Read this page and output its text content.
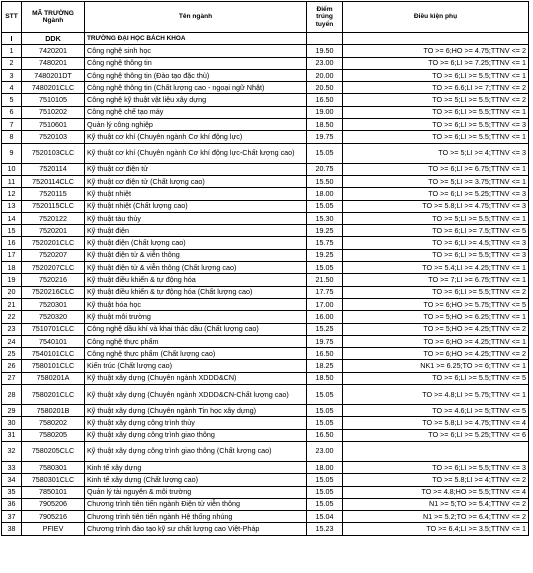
STT	MÃ TRƯỜNG Ngành	Tên ngành	Điểm trúng tuyển	Điều kiện phụ
I	DDK	TRƯỜNG ĐẠI HỌC BÁCH KHOA		
1	7420201	Công nghệ sinh học	19.50	TO >= 6;HO >= 4.75;TTNV <= 2
2	7480201	Công nghệ thông tin	23.00	TO >= 6;LI >= 7.25;TTNV <= 1
3	7480201DT	Công nghệ thông tin (Đào tạo đặc thù)	20.00	TO >= 6;LI >= 5.5;TTNV <= 1
4	7480201CLC	Công nghệ thông tin (Chất lượng cao - ngoại ngữ Nhật)	20.50	TO >= 6.6;LI >= 7;TTNV <= 2
5	7510105	Công nghệ kỹ thuật vật liệu xây dựng	16.50	TO >= 5;LI >= 5.5;TTNV <= 2
6	7510202	Công nghệ chế tạo máy	19.00	TO >= 6;LI >= 5.5;TTNV <= 1
7	7510601	Quản lý công nghiệp	18.50	TO >= 6;LI >= 5.5;TTNV <= 3
8	7520103	Kỹ thuật cơ khí (Chuyên ngành Cơ khí động lực)	19.75	TO >= 6;LI >= 5.5;TTNV <= 1
9	7520103CLC	Kỹ thuật cơ khí (Chuyên ngành Cơ khí động lực-Chất lượng cao)	15.05	TO >= 5;LI >= 4;TTNV <= 3
10	7520114	Kỹ thuật cơ điện tử	20.75	TO >= 6;LI >= 6.75;TTNV <= 1
11	7520114CLC	Kỹ thuật cơ điện tử (Chất lượng cao)	15.50	TO >= 5;LI >= 3.75;TTNV <= 1
12	7520115	Kỹ thuật nhiệt	18.00	TO >= 6;LI >= 5.25;TTNV <= 3
13	7520115CLC	Kỹ thuật nhiệt (Chất lượng cao)	15.05	TO >= 5.8;LI >= 4.75;TTNV <= 3
14	7520122	Kỹ thuật tàu thủy	15.30	TO >= 5;LI >= 5.5;TTNV <= 1
15	7520201	Kỹ thuật điện	19.25	TO >= 6;LI >= 7.5;TTNV <= 5
16	7520201CLC	Kỹ thuật điện (Chất lượng cao)	15.75	TO >= 6;LI >= 4.5;TTNV <= 3
17	7520207	Kỹ thuật điện tử & viễn thông	19.25	TO >= 6;LI >= 5.5;TTNV <= 3
18	7520207CLC	Kỹ thuật điện tử & viễn thông (Chất lượng cao)	15.05	TO >= 5.4;LI >= 4.25;TTNV <= 1
19	7520216	Kỹ thuật điều khiển & tự động hóa	21.50	TO >= 7;LI >= 6.75;TTNV <= 1
20	7520216CLC	Kỹ thuật điều khiển & tự động hóa (Chất lượng cao)	17.75	TO >= 6;LI >= 5.5;TTNV <= 2
21	7520301	Kỹ thuật hóa học	17.00	TO >= 6;HO >= 5.75;TTNV <= 5
22	7520320	Kỹ thuật môi trường	16.00	TO >= 5;HO >= 6.25;TTNV <= 1
23	7510701CLC	Công nghệ dầu khí và khai thác dầu (Chất lượng cao)	15.25	TO >= 5;HO >= 4.25;TTNV <= 2
24	7540101	Công nghệ thực phẩm	19.75	TO >= 6;HO >= 4.25;TTNV <= 1
25	7540101CLC	Công nghệ thực phẩm (Chất lượng cao)	16.50	TO >= 6;HO >= 4.25;TTNV <= 2
26	7580101CLC	Kiến trúc (Chất lượng cao)	18.25	NK1 >= 6.25;TO >= 6;TTNV <= 1
27	7580201A	Kỹ thuật xây dựng (Chuyên ngành XDDD&CN)	18.50	TO >= 6;LI >= 5.5;TTNV <= 5
28	7580201CLC	Kỹ thuật xây dựng (Chuyên ngành XDDD&CN-Chất lượng cao)	15.05	TO >= 4.8;LI >= 5.75;TTNV <= 1
29	7580201B	Kỹ thuật xây dựng (Chuyên ngành Tin học xây dựng)	15.05	TO >= 4.6;LI >= 5;TTNV <= 5
30	7580202	Kỹ thuật xây dựng công trình thủy	15.05	TO >= 5.8;LI >= 4.75;TTNV <= 4
31	7580205	Kỹ thuật xây dựng công trình giao thông	16.50	TO >= 6;LI >= 5.25;TTNV <= 6
32	7580205CLC	Kỹ thuật xây dựng công trình giao thông (Chất lượng cao)	23.00	
33	7580301	Kinh tế xây dựng	18.00	TO >= 6;LI >= 5.5;TTNV <= 3
34	7580301CLC	Kinh tế xây dựng (Chất lượng cao)	15.05	TO >= 5.8;LI >= 4;TTNV <= 2
35	7850101	Quản lý tài nguyên & môi trường	15.05	TO >= 4.8;HO >= 5.5;TTNV <= 4
36	7905206	Chương trình tiên tiến ngành Điện tử viễn thông	15.05	N1 >= 5;TO >= 5.4;TTNV <= 2
37	7905216	Chương trình tiên tiến ngành Hệ thống nhúng	15.04	N1 >= 5.2;TO >= 6.4;TTNV <= 2
38	PFIEV	Chương trình đào tạo kỹ sư chất lượng cao Việt-Pháp	15.23	TO >= 6.4;LI >= 3.5;TTNV <= 1
